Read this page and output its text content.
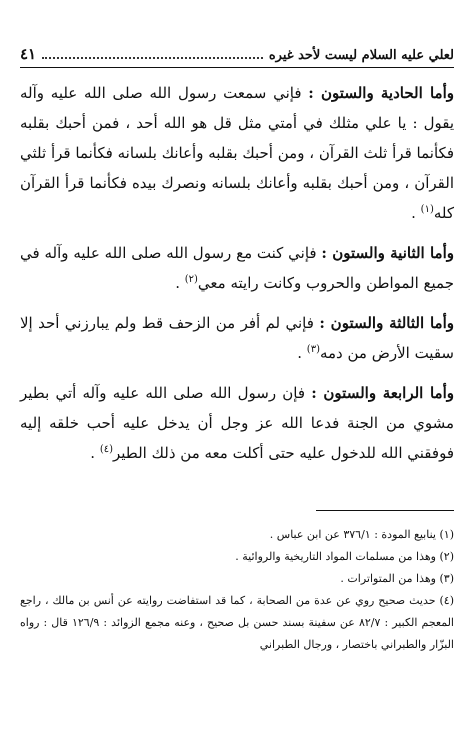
لعلي عليه السلام ليست لأحد غيره
٤١

وأما الحادية والستون : فإني سمعت رسول الله صلى الله عليه وآله يقول : يا علي مثلك في أمتي مثل قل هو الله أحد ، فمن أحبك بقلبه فكأنما قرأ ثلث القرآن ، ومن أحبك بقلبه وأعانك بلسانه فكأنما قرأ ثلثي القرآن ، ومن أحبك بقلبه وأعانك بلسانه ونصرك بيده فكأنما قرأ القرآن كله$^{(١)}$ .

وأما الثانية والستون : فإني كنت مع رسول الله صلى الله عليه وآله في جميع المواطن والحروب وكانت رايته معي$^{(٢)}$ .

وأما الثالثة والستون : فإني لم أفر من الزحف قط ولم يبارزني أحد إلا سقيت الأرض من دمه$^{(٣)}$ .

وأما الرابعة والستون : فإن رسول الله صلى الله عليه وآله أتي بطير مشوي من الجنة فدعا الله عز وجل أن يدخل عليه أحب خلقه إليه فوفقني الله للدخول عليه حتى أكلت معه من ذلك الطير$^{(٤)}$ .

(١) ينابيع المودة : ٣٧٦/١ عن ابن عباس .

(٢) وهذا من مسلمات المواد التاريخية والروائية .

(٣) وهذا من المتواترات .

(٤) حديث صحيح روي عن عدة من الصحابة ، كما قد استفاضت روايته عن أنس بن مالك ، راجع المعجم الكبير : ٨٢/٧ عن سفينة بسند حسن بل صحيح ، وعنه مجمع الزوائد : ١٢٦/٩ قال : رواه البزّار والطبراني باختصار ، ورجال الطبراني
